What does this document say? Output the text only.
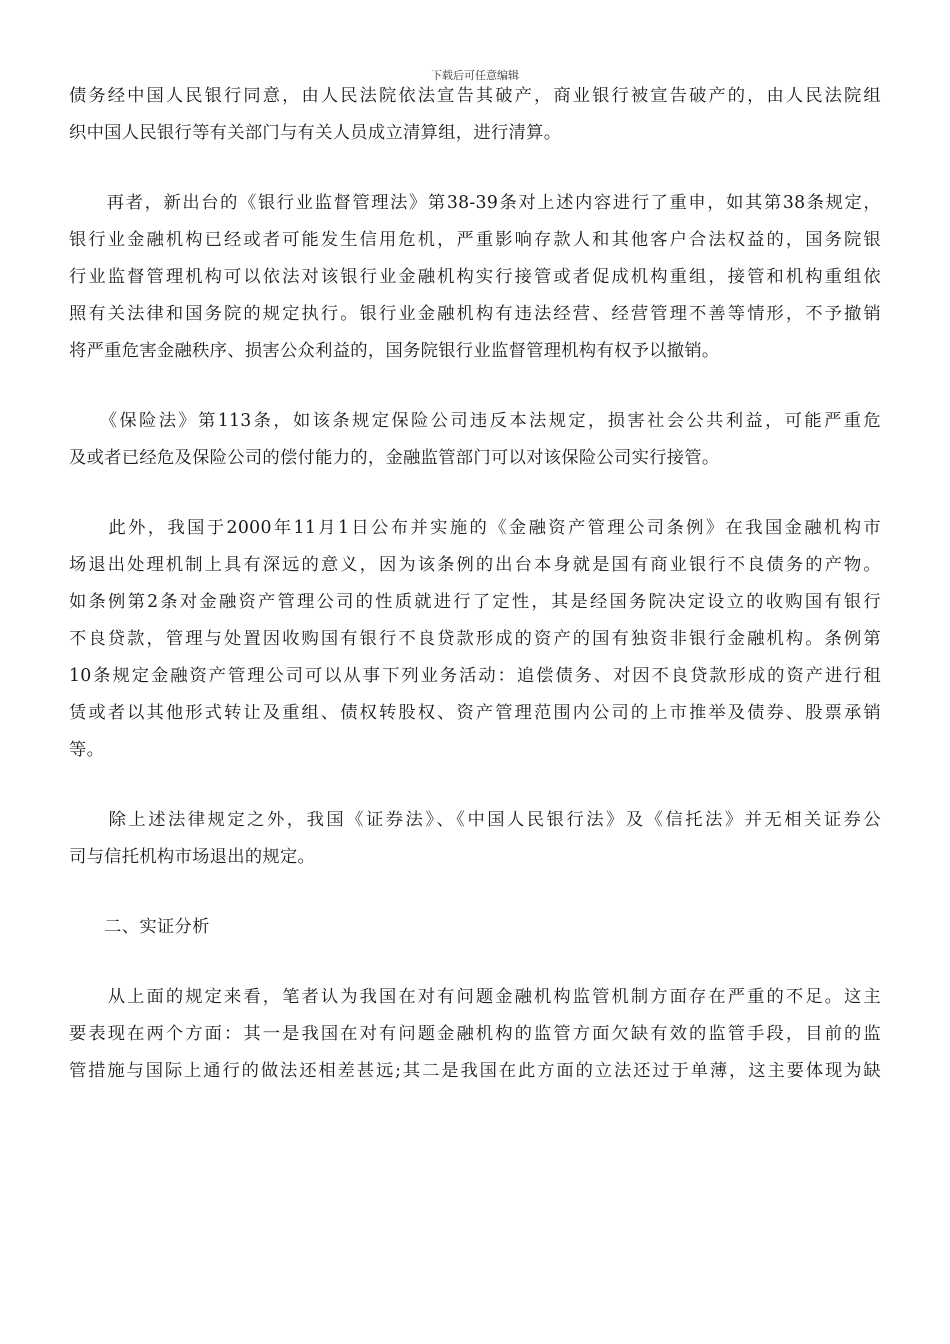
下载后可任意编辑
债务经中国人民银行同意，由人民法院依法宣告其破产，商业银行被宣告破产的，由人民法院组
织中国人民银行等有关部门与有关人员成立清算组，进行清算。
　　再者，新出台的《银行业监督管理法》第38-39条对上述内容进行了重申，如其第38条规定，
银行业金融机构已经或者可能发生信用危机，严重影响存款人和其他客户合法权益的，国务院银
行业监督管理机构可以依法对该银行业金融机构实行接管或者促成机构重组，接管和机构重组依
照有关法律和国务院的规定执行。银行业金融机构有违法经营、经营管理不善等情形，不予撤销
将严重危害金融秩序、损害公众利益的，国务院银行业监督管理机构有权予以撤销。
　　《保险法》第113条，如该条规定保险公司违反本法规定，损害社会公共利益，可能严重危
及或者已经危及保险公司的偿付能力的，金融监管部门可以对该保险公司实行接管。
　　此外，我国于2000年11月1日公布并实施的《金融资产管理公司条例》在我国金融机构市
场退出处理机制上具有深远的意义，因为该条例的出台本身就是国有商业银行不良债务的产物。
如条例第2条对金融资产管理公司的性质就进行了定性，其是经国务院决定设立的收购国有银行
不良贷款，管理与处置因收购国有银行不良贷款形成的资产的国有独资非银行金融机构。条例第
10条规定金融资产管理公司可以从事下列业务活动：追偿债务、对因不良贷款形成的资产进行租
赁或者以其他形式转让及重组、债权转股权、资产管理范围内公司的上市推举及债券、股票承销
等。
　　除上述法律规定之外，我国《证券法》、《中国人民银行法》及《信托法》并无相关证券公
司与信托机构市场退出的规定。
　　二、实证分析
　　从上面的规定来看，笔者认为我国在对有问题金融机构监管机制方面存在严重的不足。这主
要表现在两个方面：其一是我国在对有问题金融机构的监管方面欠缺有效的监管手段，目前的监
管措施与国际上通行的做法还相差甚远;其二是我国在此方面的立法还过于单薄，这主要体现为缺
